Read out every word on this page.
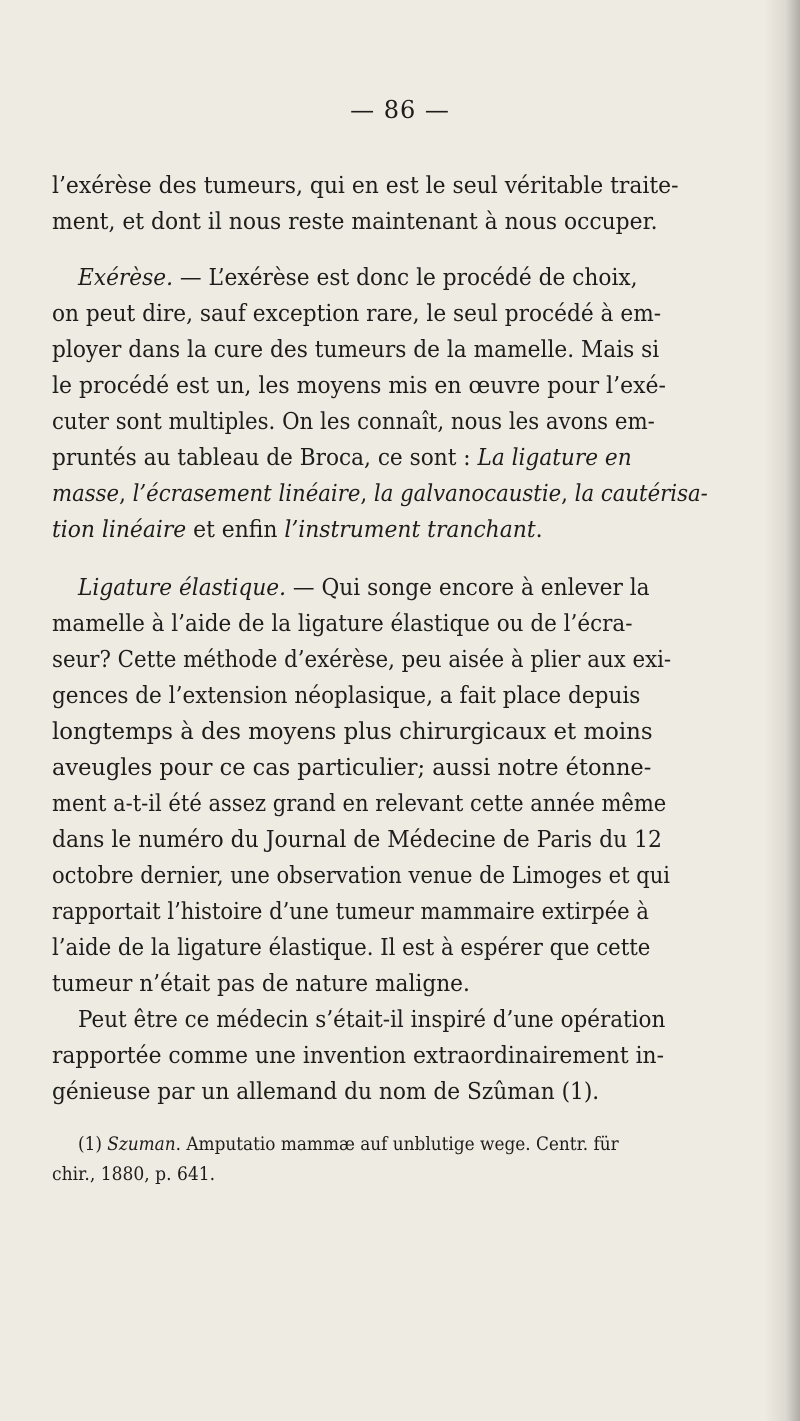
— 86 —
l’exérèse des tumeurs, qui en est le seul véritable traite-
ment, et dont il nous reste maintenant à nous occuper.
Exérèse. — L’exérèse est donc le procédé de choix,
on peut dire, sauf exception rare, le seul procédé à em-
ployer dans la cure des tumeurs de la mamelle. Mais si
le procédé est un, les moyens mis en œuvre pour l’exé-
cuter sont multiples. On les connaît, nous les avons em-
pruntés au tableau de Broca, ce sont : La ligature en
masse, l’écrasement linéaire, la galvanocaustie, la cautérisa-
tion linéaire et enfin l’instrument tranchant.
Ligature élastique. — Qui songe encore à enlever la
mamelle à l’aide de la ligature élastique ou de l’écra-
seur? Cette méthode d’exérèse, peu aisée à plier aux exi-
gences de l’extension néoplasique, a fait place depuis
longtemps à des moyens plus chirurgicaux et moins
aveugles pour ce cas particulier; aussi notre étonne-
ment a-t-il été assez grand en relevant cette année même
dans le numéro du Journal de Médecine de Paris du 12
octobre dernier, une observation venue de Limoges et qui
rapportait l’histoire d’une tumeur mammaire extirpée à
l’aide de la ligature élastique. Il est à espérer que cette
tumeur n’était pas de nature maligne.
Peut être ce médecin s’était-il inspiré d’une opération
rapportée comme une invention extraordinairement in-
génieuse par un allemand du nom de Szûman (1).
(1) Szuman. Amputatio mammæ auf unblutige wege. Centr. für
chir., 1880, p. 641.
